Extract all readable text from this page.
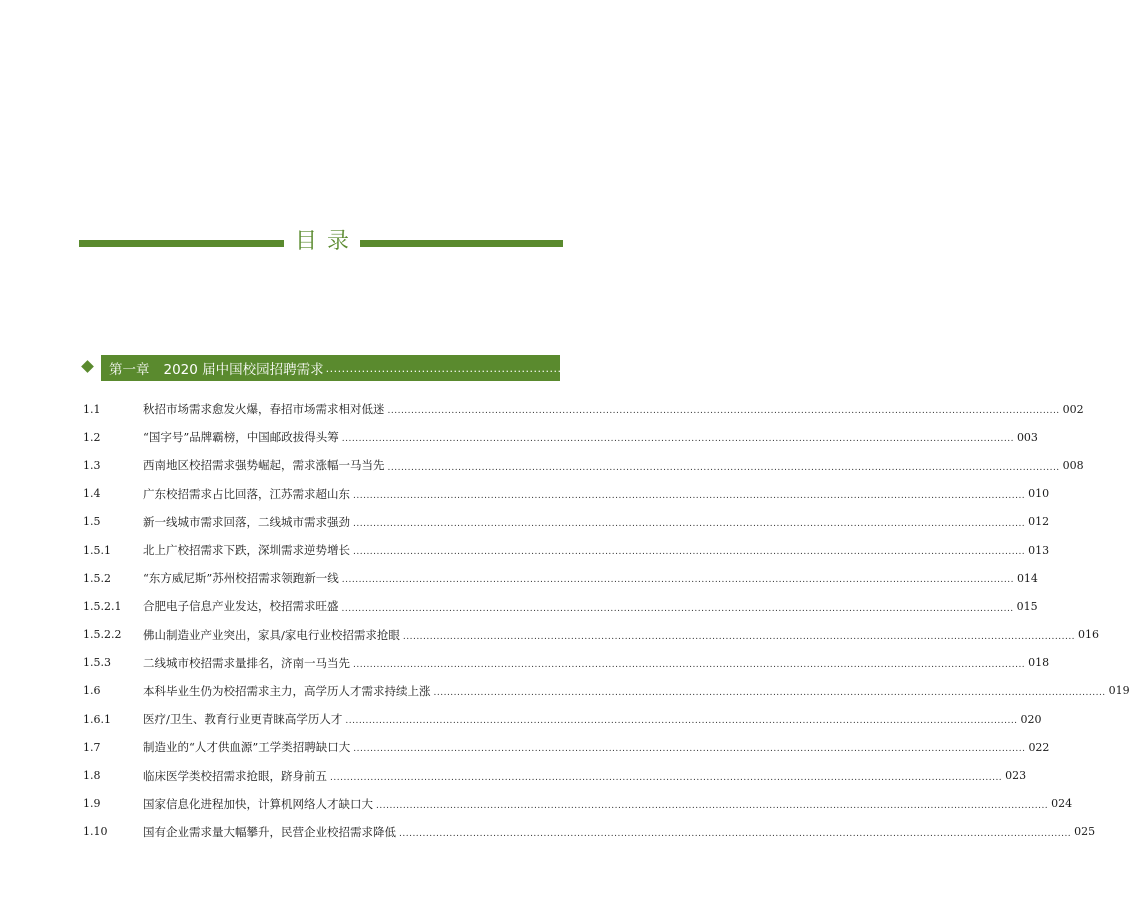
目录
第一章 2020 届中国校园招聘需求 ........................................................................................................................ 001
1.1	秋招市场需求愈发火爆，春招市场需求相对低迷 ........................................................................................................................................................................................................ 002
1.2	“国字号”品牌霸榜，中国邮政拔得头筹 ........................................................................................................................................................................................................ 003
1.3	西南地区校招需求强势崛起，需求涨幅一马当先 ........................................................................................................................................................................................................ 008
1.4	广东校招需求占比回落，江苏需求超山东 ........................................................................................................................................................................................................ 010
1.5	新一线城市需求回落，二线城市需求强劲 ........................................................................................................................................................................................................ 012
1.5.1	北上广校招需求下跌，深圳需求逆势增长 ........................................................................................................................................................................................................ 013
1.5.2	“东方威尼斯”苏州校招需求领跑新一线 ........................................................................................................................................................................................................ 014
1.5.2.1	合肥电子信息产业发达，校招需求旺盛 ........................................................................................................................................................................................................ 015
1.5.2.2	佛山制造业产业突出，家具/家电行业校招需求抢眼 ........................................................................................................................................................................................................ 016
1.5.3	二线城市校招需求量排名，济南一马当先 ........................................................................................................................................................................................................ 018
1.6	本科毕业生仍为校招需求主力，高学历人才需求持续上涨 ........................................................................................................................................................................................................ 019
1.6.1	医疗/卫生、教育行业更青睐高学历人才 ........................................................................................................................................................................................................ 020
1.7	制造业的“人才供血源”工学类招聘缺口大 ........................................................................................................................................................................................................ 022
1.8	临床医学类校招需求抢眼，跻身前五 ........................................................................................................................................................................................................ 023
1.9	国家信息化进程加快，计算机网络人才缺口大 ........................................................................................................................................................................................................ 024
1.10	国有企业需求量大幅攀升，民营企业校招需求降低 ........................................................................................................................................................................................................ 025
